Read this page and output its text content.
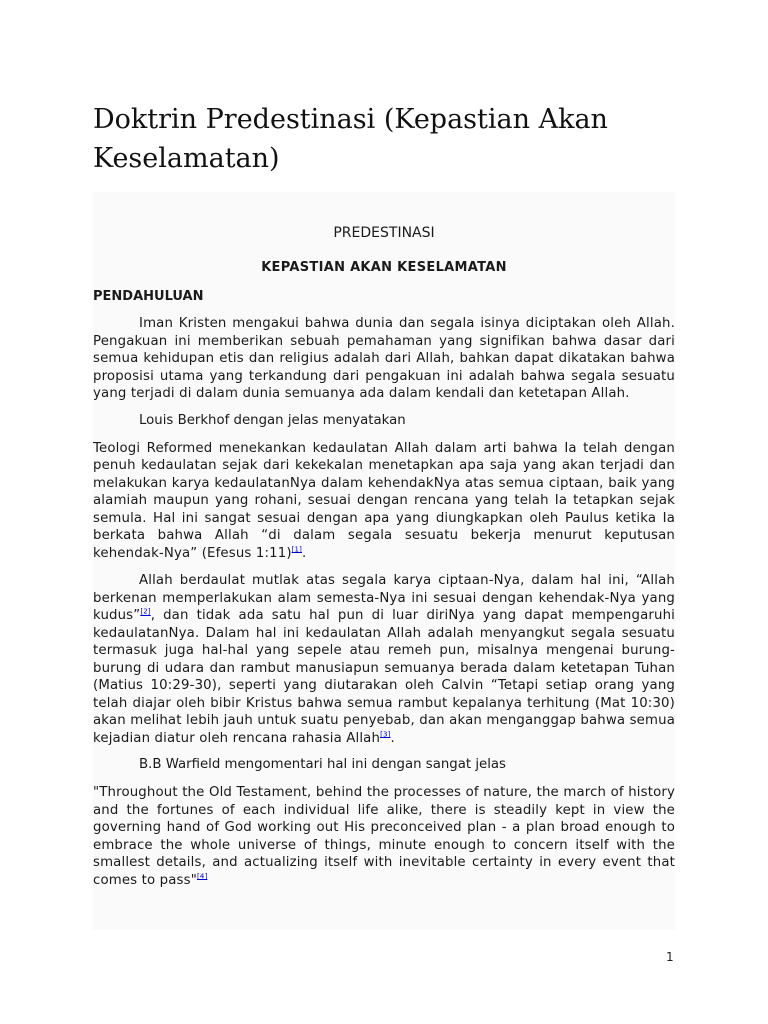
Doktrin Predestinasi (Kepastian Akan Keselamatan)
PREDESTINASI
KEPASTIAN AKAN KESELAMATAN
PENDAHULUAN

Iman Kristen mengakui bahwa dunia dan segala isinya diciptakan oleh Allah. Pengakuan ini memberikan sebuah pemahaman yang signifikan bahwa dasar dari semua kehidupan etis dan religius adalah dari Allah, bahkan dapat dikatakan bahwa proposisi utama yang terkandung dari pengakuan ini adalah bahwa segala sesuatu yang terjadi di dalam dunia semuanya ada dalam kendali dan ketetapan Allah.

Louis Berkhof dengan jelas menyatakan

Teologi Reformed menekankan kedaulatan Allah dalam arti bahwa Ia telah dengan penuh kedaulatan sejak dari kekekalan menetapkan apa saja yang akan terjadi dan melakukan karya kedaulatanNya dalam kehendakNya atas semua ciptaan, baik yang alamiah maupun yang rohani, sesuai dengan rencana yang telah Ia tetapkan sejak semula. Hal ini sangat sesuai dengan apa yang diungkapkan oleh Paulus ketika Ia berkata bahwa Allah “di dalam segala sesuatu bekerja menurut keputusan kehendak-Nya” (Efesus 1:11)[1].

Allah berdaulat mutlak atas segala karya ciptaan-Nya, dalam hal ini, “Allah berkenan memperlakukan alam semesta-Nya ini sesuai dengan kehendak-Nya yang kudus”[2], dan tidak ada satu hal pun di luar diriNya yang dapat mempengaruhi kedaulatanNya. Dalam hal ini kedaulatan Allah adalah menyangkut segala sesuatu termasuk juga hal-hal yang sepele atau remeh pun, misalnya mengenai burung-burung di udara dan rambut manusiapun semuanya berada dalam ketetapan Tuhan (Matius 10:29-30), seperti yang diutarakan oleh Calvin “Tetapi setiap orang yang telah diajar oleh bibir Kristus bahwa semua rambut kepalanya terhitung (Mat 10:30) akan melihat lebih jauh untuk suatu penyebab, dan akan menganggap bahwa semua kejadian diatur oleh rencana rahasia Allah[3].

B.B Warfield mengomentari hal ini dengan sangat jelas

"Throughout the Old Testament, behind the processes of nature, the march of history and the fortunes of each individual life alike, there is steadily kept in view the governing hand of God working out His preconceived plan - a plan broad enough to embrace the whole universe of things, minute enough to concern itself with the smallest details, and actualizing itself with inevitable certainty in every event that comes to pass"[4]

1
